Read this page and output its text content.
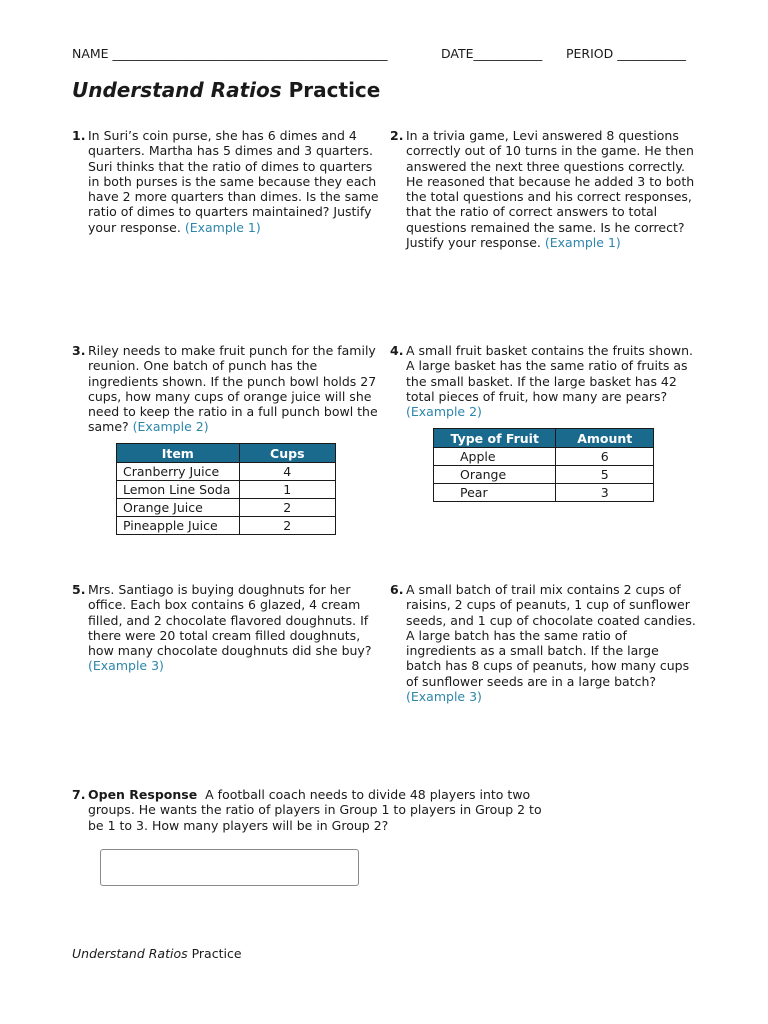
NAME ____________________________________________	DATE___________ PERIOD ___________
Understand Ratios Practice
1. In Suri’s coin purse, she has 6 dimes and 4 quarters. Martha has 5 dimes and 3 quarters. Suri thinks that the ratio of dimes to quarters in both purses is the same because they each have 2 more quarters than dimes. Is the same ratio of dimes to quarters maintained? Justify your response. (Example 1)
2. In a trivia game, Levi answered 8 questions correctly out of 10 turns in the game. He then answered the next three questions correctly. He reasoned that because he added 3 to both the total questions and his correct responses, that the ratio of correct answers to total questions remained the same. Is he correct? Justify your response. (Example 1)
3. Riley needs to make fruit punch for the family reunion. One batch of punch has the ingredients shown. If the punch bowl holds 27 cups, how many cups of orange juice will she need to keep the ratio in a full punch bowl the same? (Example 2)
Item	Cups
Cranberry Juice	4
Lemon Line Soda	1
Orange Juice	2
Pineapple Juice	2
4. A small fruit basket contains the fruits shown. A large basket has the same ratio of fruits as the small basket. If the large basket has 42 total pieces of fruit, how many are pears?
(Example 2)
Type of Fruit	Amount
Apple	6
Orange	5
Pear	3
5. Mrs. Santiago is buying doughnuts for her office. Each box contains 6 glazed, 4 cream filled, and 2 chocolate flavored doughnuts. If there were 20 total cream filled doughnuts, how many chocolate doughnuts did she buy?
(Example 3)
6. A small batch of trail mix contains 2 cups of raisins, 2 cups of peanuts, 1 cup of sunflower seeds, and 1 cup of chocolate coated candies. A large batch has the same ratio of ingredients as a small batch. If the large batch has 8 cups of peanuts, how many cups of sunflower seeds are in a large batch?
(Example 3)
7. Open Response  A football coach needs to divide 48 players into two groups. He wants the ratio of players in Group 1 to players in Group 2 to be 1 to 3. How many players will be in Group 2?
Understand Ratios Practice
